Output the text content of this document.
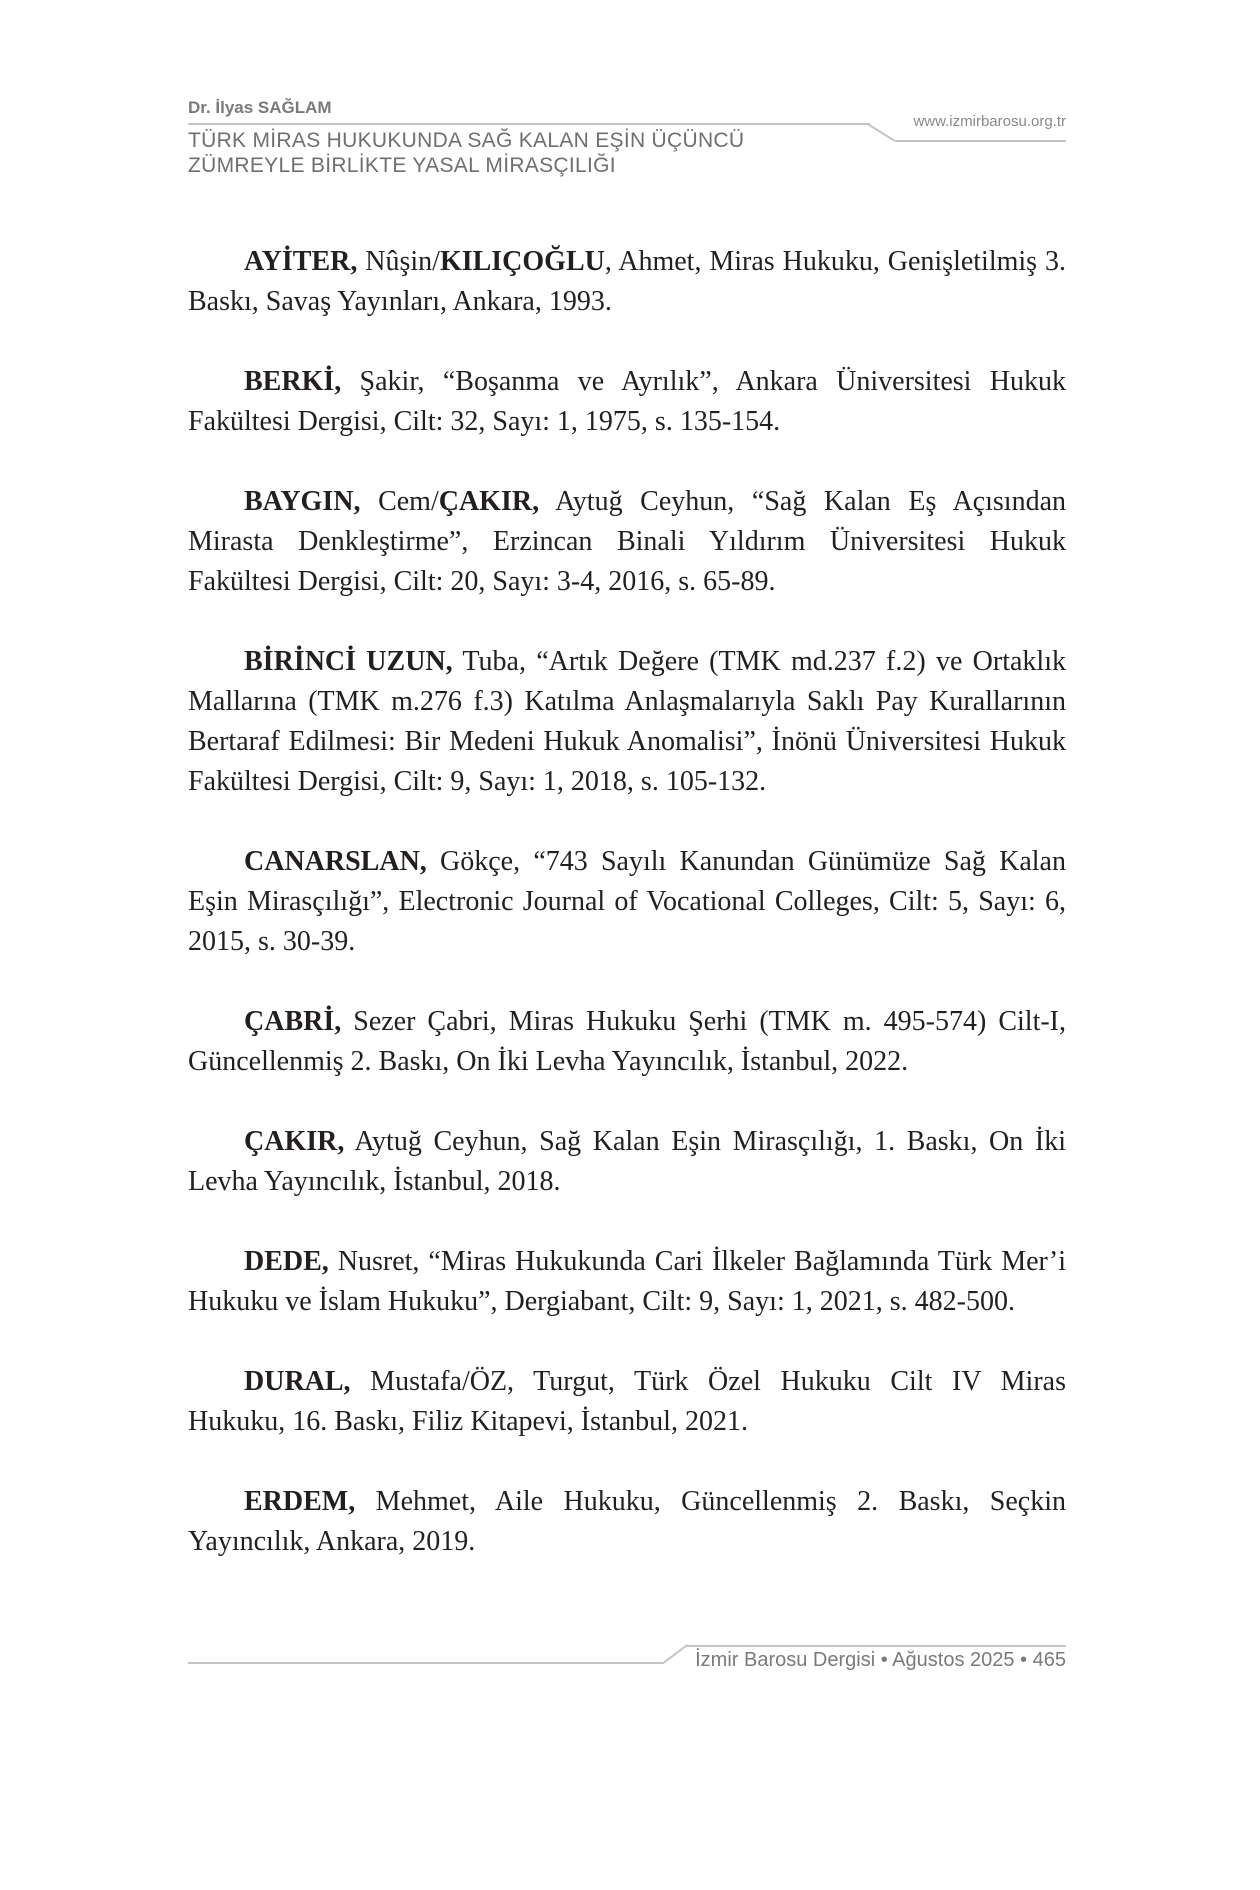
Dr. İlyas SAĞLAM
www.izmirbarosu.org.tr
TÜRK MİRAS HUKUKUNDA SAĞ KALAN EŞİN ÜÇÜNCÜ
ZÜMREYLE BİRLİKTE YASAL MİRASÇILIĞI

AYİTER, Nûşin/KILIÇOĞLU, Ahmet, Miras Hukuku, Genişletilmiş 3. Baskı, Savaş Yayınları, Ankara, 1993.

BERKİ, Şakir, “Boşanma ve Ayrılık”, Ankara Üniversitesi Hukuk Fakültesi Dergisi, Cilt: 32, Sayı: 1, 1975, s. 135-154.

BAYGIN, Cem/ÇAKIR, Aytuğ Ceyhun, “Sağ Kalan Eş Açısından Mirasta Denkleştirme”, Erzincan Binali Yıldırım Üniversitesi Hukuk Fakültesi Dergisi, Cilt: 20, Sayı: 3-4, 2016, s. 65-89.

BİRİNCİ UZUN, Tuba, “Artık Değere (TMK md.237 f.2) ve Ortaklık Mallarına (TMK m.276 f.3) Katılma Anlaşmalarıyla Saklı Pay Kurallarının Bertaraf Edilmesi: Bir Medeni Hukuk Anomalisi”, İnönü Üniversitesi Hukuk Fakültesi Dergisi, Cilt: 9, Sayı: 1, 2018, s. 105-132.

CANARSLAN, Gökçe, “743 Sayılı Kanundan Günümüze Sağ Kalan Eşin Mirasçılığı”, Electronic Journal of Vocational Colleges, Cilt: 5, Sayı: 6, 2015, s. 30-39.

ÇABRİ, Sezer Çabri, Miras Hukuku Şerhi (TMK m. 495-574) Cilt-I, Güncellenmiş 2. Baskı, On İki Levha Yayıncılık, İstanbul, 2022.

ÇAKIR, Aytuğ Ceyhun, Sağ Kalan Eşin Mirasçılığı, 1. Baskı, On İki Levha Yayıncılık, İstanbul, 2018.

DEDE, Nusret, “Miras Hukukunda Cari İlkeler Bağlamında Türk Mer’i Hukuku ve İslam Hukuku”, Dergiabant, Cilt: 9, Sayı: 1, 2021, s. 482-500.

DURAL, Mustafa/ÖZ, Turgut, Türk Özel Hukuku Cilt IV Miras Hukuku, 16. Baskı, Filiz Kitapevi, İstanbul, 2021.

ERDEM, Mehmet, Aile Hukuku, Güncellenmiş 2. Baskı, Seçkin Yayıncılık, Ankara, 2019.

İzmir Barosu Dergisi • Ağustos 2025 • 465
